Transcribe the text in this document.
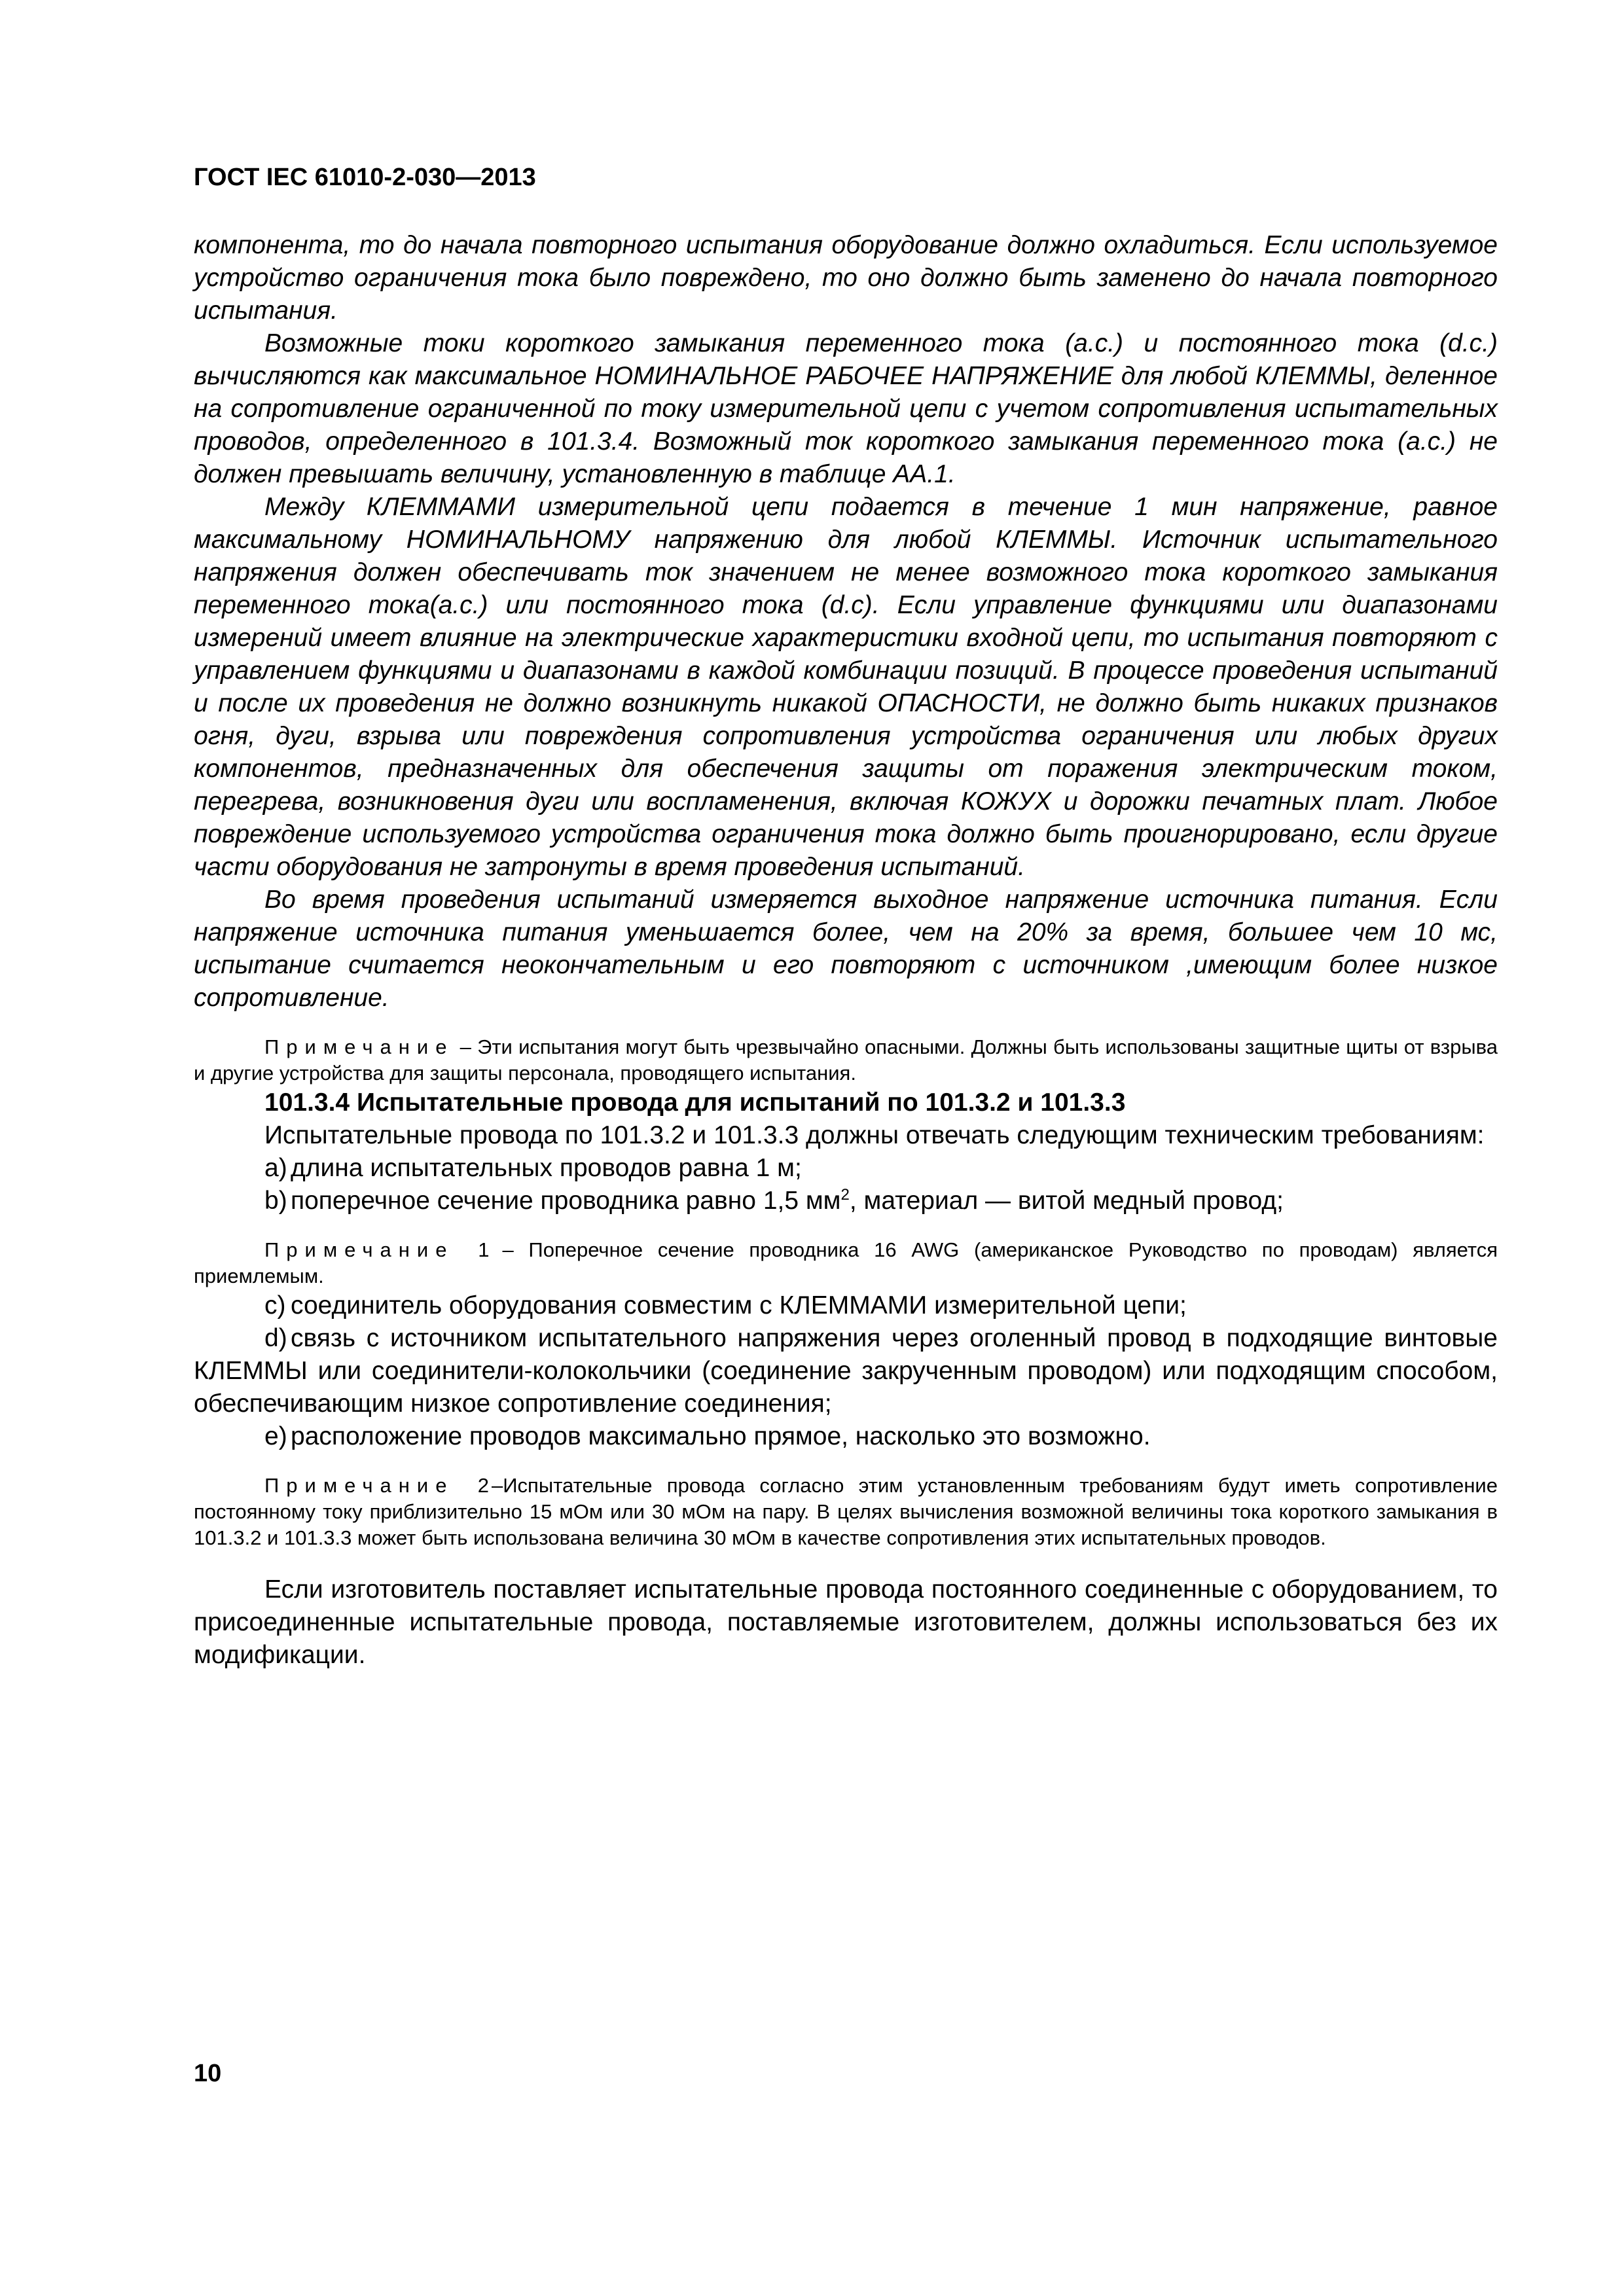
ГОСТ IEC 61010-2-030—2013

компонента, то до начала повторного испытания оборудование должно охладиться. Если используемое устройство ограничения тока было повреждено, то оно должно быть заменено до начала повторного испытания.

Возможные токи короткого замыкания переменного тока (а.с.) и постоянного тока (d.c.) вычисляются как максимальное НОМИНАЛЬНОЕ РАБОЧЕЕ НАПРЯЖЕНИЕ для любой КЛЕММЫ, деленное на сопротивление ограниченной по току измерительной цепи с учетом сопротивления испытательных проводов, определенного в 101.3.4. Возможный ток короткого замыкания переменного тока (а.с.) не должен превышать величину, установленную в таблице АА.1.

Между КЛЕММАМИ измерительной цепи подается в течение 1 мин напряжение, равное максимальному НОМИНАЛЬНОМУ напряжению для любой КЛЕММЫ. Источник испытательного напряжения должен обеспечивать ток значением не менее возможного тока короткого замыкания переменного тока(а.с.) или постоянного тока (d.c). Если управление функциями или диапазонами измерений имеет влияние на электрические характеристики входной цепи, то испытания повторяют с управлением функциями и диапазонами в каждой комбинации позиций. В процессе проведения испытаний и после их проведения не должно возникнуть никакой ОПАСНОСТИ, не должно быть никаких признаков огня, дуги, взрыва или повреждения сопротивления устройства ограничения или любых других компонентов, предназначенных для обеспечения защиты от поражения электрическим током, перегрева, возникновения дуги или воспламенения, включая КОЖУХ и дорожки печатных плат. Любое повреждение используемого устройства ограничения тока должно быть проигнорировано, если другие части оборудования не затронуты в время проведения испытаний.

Во время проведения испытаний измеряется выходное напряжение источника питания. Если напряжение источника питания уменьшается более, чем на 20% за время, большее чем 10 мс, испытание считается неокончательным и его повторяют с источником ,имеющим более низкое сопротивление.

Примечание – Эти испытания могут быть чрезвычайно опасными. Должны быть использованы защитные щиты от взрыва и другие устройства для защиты персонала, проводящего испытания.

101.3.4 Испытательные провода для испытаний по 101.3.2 и 101.3.3

Испытательные провода по 101.3.2 и 101.3.3 должны отвечать следующим техническим требованиям:

a) длина испытательных проводов равна 1 м;

b) поперечное сечение проводника равно 1,5 $мм^2$, материал — витой медный провод;

Примечание 1 – Поперечное сечение проводника 16 AWG (американское Руководство по проводам) является приемлемым.

c) соединитель оборудования совместим с КЛЕММАМИ измерительной цепи;

d) связь с источником испытательного напряжения через оголенный провод в подходящие винтовые КЛЕММЫ или соединители-колокольчики (соединение закрученным проводом) или подходящим способом, обеспечивающим низкое сопротивление соединения;

e) расположение проводов максимально прямое, насколько это возможно.

Примечание 2 –Испытательные провода согласно этим установленным требованиям будут иметь сопротивление постоянному току приблизительно 15 мОм или 30 мОм на пару. В целях вычисления возможной величины тока короткого замыкания в 101.3.2 и 101.3.3 может быть использована величина 30 мОм в качестве сопротивления этих испытательных проводов.

Если изготовитель поставляет испытательные провода постоянного соединенные с оборудованием, то присоединенные испытательные провода, поставляемые изготовителем, должны использоваться без их модификации.

10
